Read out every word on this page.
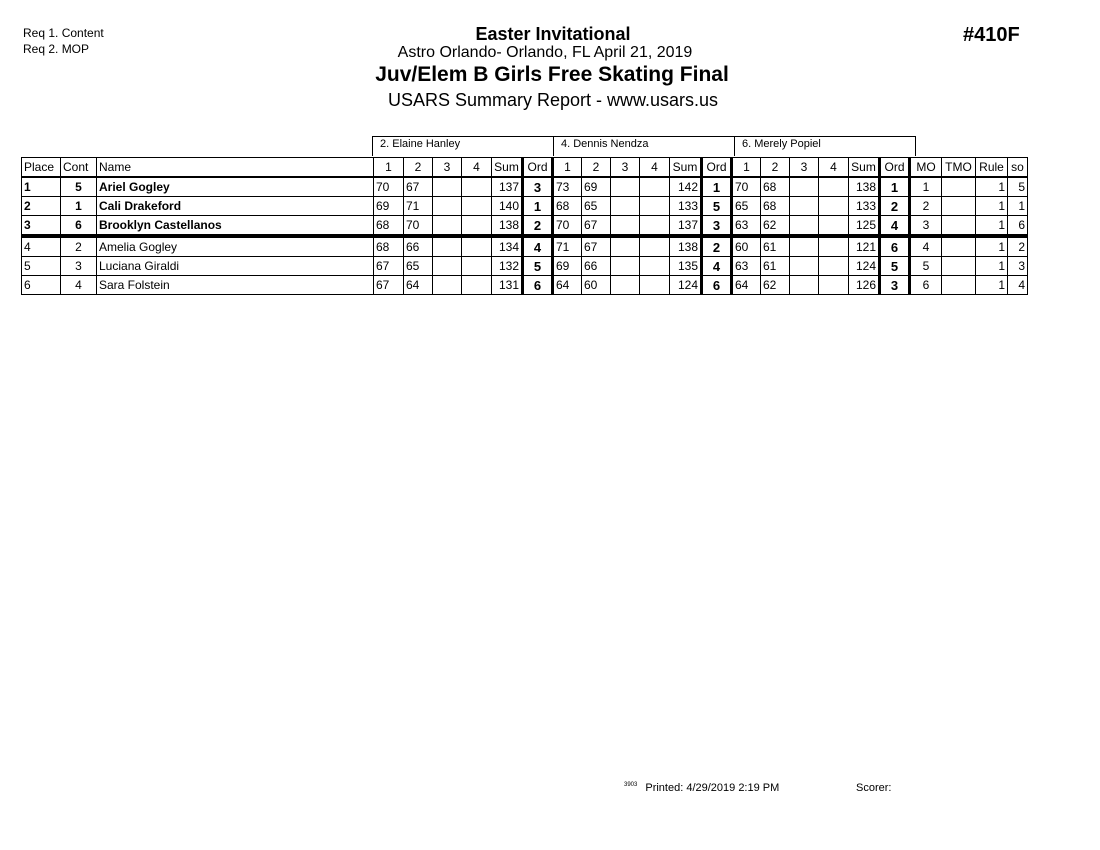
Req 1. Content
Req 2. MOP
Easter Invitational
Astro Orlando- Orlando, FL April 21, 2019
Juv/Elem B Girls Free Skating Final
USARS Summary Report - www.usars.us
#410F
2. Elaine Hanley	4. Dennis Nendza	6. Merely Popiel
Place	Cont	Name	1	2	3	4	Sum	Ord	1	2	3	4	Sum	Ord	1	2	3	4	Sum	Ord	MO	TMO	Rule	so
1	5	Ariel Gogley	70	67			137	3	73	69			142	1	70	68			138	1	1		1	5
2	1	Cali Drakeford	69	71			140	1	68	65			133	5	65	68			133	2	2		1	1
3	6	Brooklyn Castellanos	68	70			138	2	70	67			137	3	63	62			125	4	3		1	6
4	2	Amelia Gogley	68	66			134	4	71	67			138	2	60	61			121	6	4		1	2
5	3	Luciana Giraldi	67	65			132	5	69	66			135	4	63	61			124	5	5		1	3
6	4	Sara Folstein	67	64			131	6	64	60			124	6	64	62			126	3	6		1	4
$^{3903}$ Printed: 4/29/2019 2:19 PM	Scorer:
